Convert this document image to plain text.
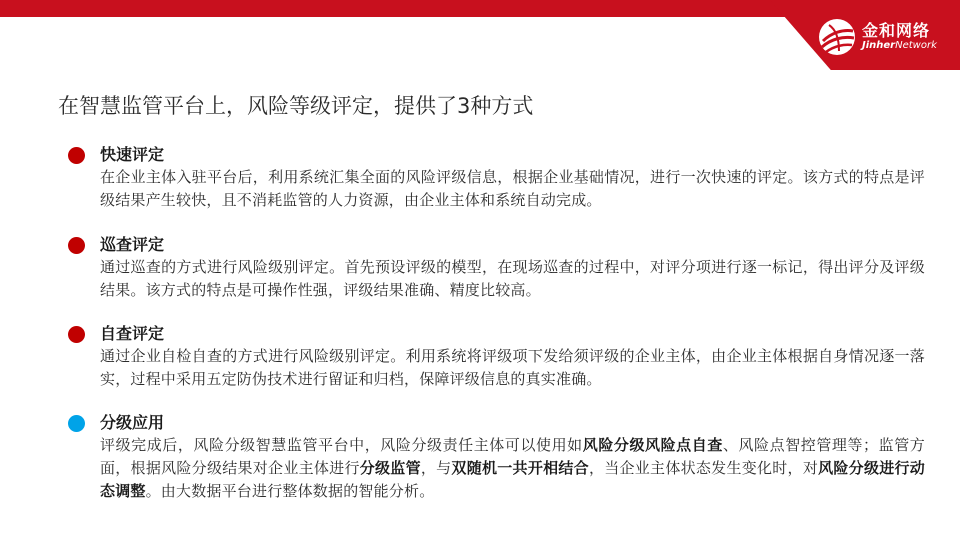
金和网络
JinherNetwork
在智慧监管平台上，风险等级评定，提供了3种方式
快速评定
在企业主体入驻平台后，利用系统汇集全面的风险评级信息，根据企业基础情况，进行一次快速的评定。该方式的特点是评级结果产生较快，且不消耗监管的人力资源，由企业主体和系统自动完成。
巡查评定
通过巡查的方式进行风险级别评定。首先预设评级的模型，在现场巡查的过程中，对评分项进行逐一标记，得出评分及评级结果。该方式的特点是可操作性强，评级结果准确、精度比较高。
自查评定
通过企业自检自查的方式进行风险级别评定。利用系统将评级项下发给须评级的企业主体，由企业主体根据自身情况逐一落实，过程中采用五定防伪技术进行留证和归档，保障评级信息的真实准确。
分级应用
评级完成后，风险分级智慧监管平台中，风险分级责任主体可以使用如风险分级风险点自查、风险点智控管理等；监管方面，根据风险分级结果对企业主体进行分级监管，与双随机一共开相结合，当企业主体状态发生变化时，对风险分级进行动态调整。由大数据平台进行整体数据的智能分析。
